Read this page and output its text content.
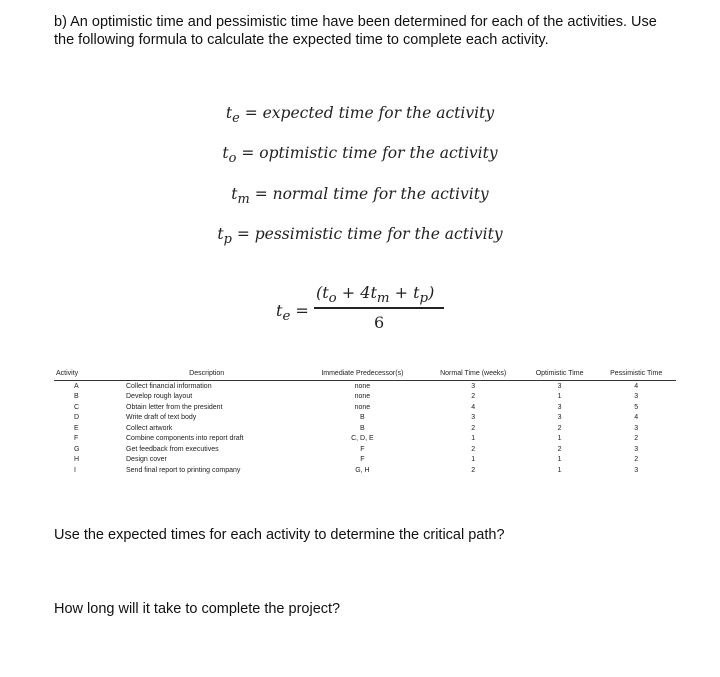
b) An optimistic time and pessimistic time have been determined for each of the activities. Use the following formula to calculate the expected time to complete each activity.
$t_e$ = expected time for the activity
$t_o$ = optimistic time for the activity
$t_m$ = normal time for the activity
$t_p$ = pessimistic time for the activity
$t_e$ =
$(t_o + 4t_m + t_p)$
6
Activity	Description	Immediate Predecessor(s)	Normal Time (weeks)	Optimistic Time	Pessimistic Time
A	Collect financial information	none	3	3	4
B	Develop rough layout	none	2	1	3
C	Obtain letter from the president	none	4	3	5
D	Write draft of text body	B	3	3	4
E	Collect artwork	B	2	2	3
F	Combine components into report draft	C, D, E	1	1	2
G	Get feedback from executives	F	2	2	3
H	Design cover	F	1	1	2
I	Send final report to printing company	G, H	2	1	3
Use the expected times for each activity to determine the critical path?
How long will it take to complete the project?
